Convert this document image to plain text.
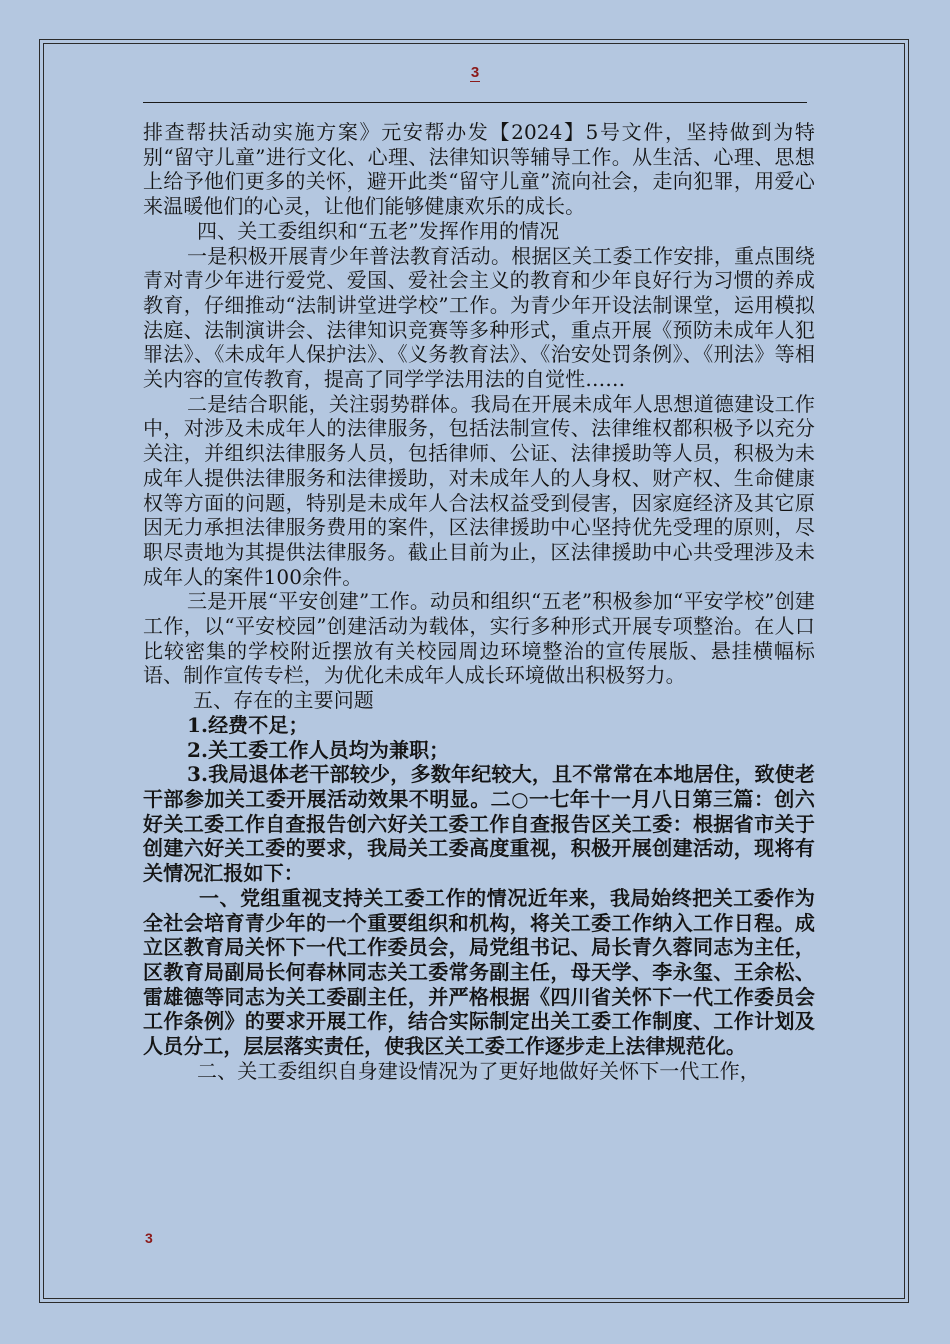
3

排查帮扶活动实施方案》元安帮办发【2024】5号文件，坚持做到为特别“留守儿童”进行文化、心理、法律知识等辅导工作。从生活、心理、思想上给予他们更多的关怀，避开此类“留守儿童”流向社会，走向犯罪，用爱心来温暖他们的心灵，让他们能够健康欢乐的成长。

四、关工委组织和“五老”发挥作用的情况

一是积极开展青少年普法教育活动。根据区关工委工作安排，重点围绕青对青少年进行爱党、爱国、爱社会主义的教育和少年良好行为习惯的养成教育，仔细推动“法制讲堂进学校”工作。为青少年开设法制课堂，运用模拟法庭、法制演讲会、法律知识竞赛等多种形式，重点开展《预防未成年人犯罪法》、《未成年人保护法》、《义务教育法》、《治安处罚条例》、《刑法》等相关内容的宣传教育，提高了同学学法用法的自觉性……

二是结合职能，关注弱势群体。我局在开展未成年人思想道德建设工作中，对涉及未成年人的法律服务，包括法制宣传、法律维权都积极予以充分关注，并组织法律服务人员，包括律师、公证、法律援助等人员，积极为未成年人提供法律服务和法律援助，对未成年人的人身权、财产权、生命健康权等方面的问题，特别是未成年人合法权益受到侵害，因家庭经济及其它原因无力承担法律服务费用的案件，区法律援助中心坚持优先受理的原则，尽职尽责地为其提供法律服务。截止目前为止，区法律援助中心共受理涉及未成年人的案件100余件。

三是开展“平安创建”工作。动员和组织“五老”积极参加“平安学校”创建工作，以“平安校园”创建活动为载体，实行多种形式开展专项整治。在人口比较密集的学校附近摆放有关校园周边环境整治的宣传展版、悬挂横幅标语、制作宣传专栏，为优化未成年人成长环境做出积极努力。

五、存在的主要问题

1.经费不足；

2.关工委工作人员均为兼职；

3.我局退体老干部较少，多数年纪较大，且不常常在本地居住，致使老干部参加关工委开展活动效果不明显。二○一七年十一月八日第三篇：创六好关工委工作自查报告创六好关工委工作自查报告区关工委：根据省市关于创建六好关工委的要求，我局关工委高度重视，积极开展创建活动，现将有关情况汇报如下：

一、党组重视支持关工委工作的情况近年来，我局始终把关工委作为全社会培育青少年的一个重要组织和机构，将关工委工作纳入工作日程。成立区教育局关怀下一代工作委员会，局党组书记、局长青久蓉同志为主任，区教育局副局长何春林同志关工委常务副主任，母天学、李永玺、王余松、雷雄德等同志为关工委副主任，并严格根据《四川省关怀下一代工作委员会工作条例》的要求开展工作，结合实际制定出关工委工作制度、工作计划及人员分工，层层落实责任，使我区关工委工作逐步走上法律规范化。

二、关工委组织自身建设情况为了更好地做好关怀下一代工作，

3
